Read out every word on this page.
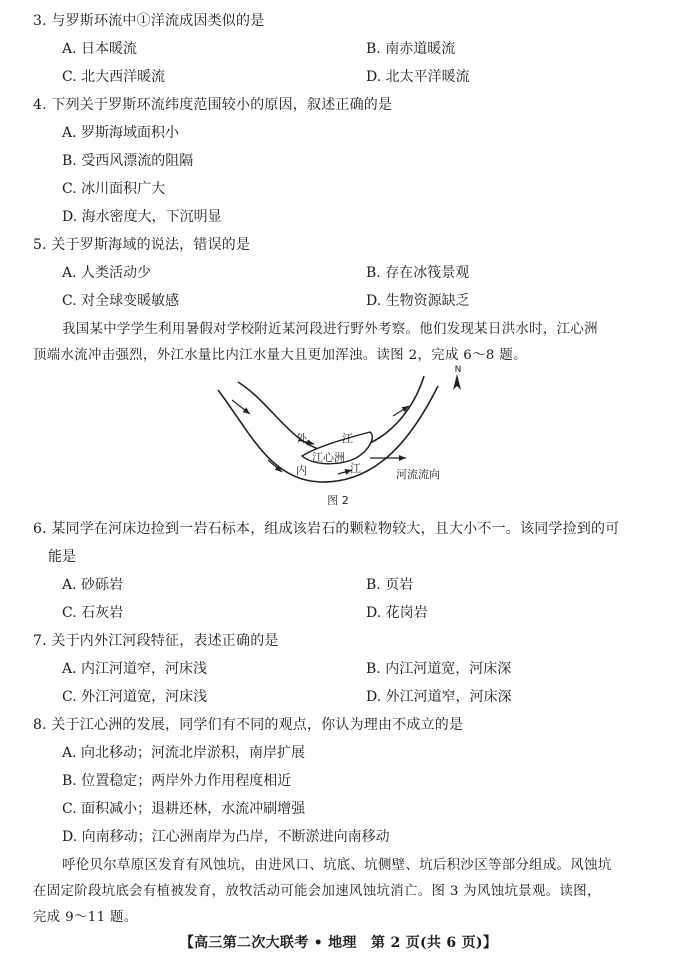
3. 与罗斯环流中①洋流成因类似的是
A. 日本暖流	B. 南赤道暖流
C. 北大西洋暖流	D. 北太平洋暖流
4. 下列关于罗斯环流纬度范围较小的原因，叙述正确的是
A. 罗斯海域面积小
B. 受西风漂流的阻隔
C. 冰川面积广大
D. 海水密度大，下沉明显
5. 关于罗斯海域的说法，错误的是
A. 人类活动少	B. 存在冰筏景观
C. 对全球变暖敏感	D. 生物资源缺乏
我国某中学学生利用暑假对学校附近某河段进行野外考察。他们发现某日洪水时，江心洲
顶端水流冲击强烈，外江水量比内江水量大且更加浑浊。读图 2，完成 6～8 题。
N
外	江
江心洲
内	江	河流流向
图 2
6. 某同学在河床边捡到一岩石标本，组成该岩石的颗粒物较大，且大小不一。该同学捡到的可
能是
A. 砂砾岩	B. 页岩
C. 石灰岩	D. 花岗岩
7. 关于内外江河段特征，表述正确的是
A. 内江河道窄，河床浅	B. 内江河道宽，河床深
C. 外江河道宽，河床浅	D. 外江河道窄，河床深
8. 关于江心洲的发展，同学们有不同的观点，你认为理由不成立的是
A. 向北移动；河流北岸淤积，南岸扩展
B. 位置稳定；两岸外力作用程度相近
C. 面积减小；退耕还林，水流冲刷增强
D. 向南移动；江心洲南岸为凸岸，不断淤进向南移动
呼伦贝尔草原区发育有风蚀坑，由进风口、坑底、坑侧壁、坑后积沙区等部分组成。风蚀坑
在固定阶段坑底会有植被发育，放牧活动可能会加速风蚀坑消亡。图 3 为风蚀坑景观。读图，
完成 9～11 题。
【高三第二次大联考 • 地理　第 2 页(共 6 页)】
